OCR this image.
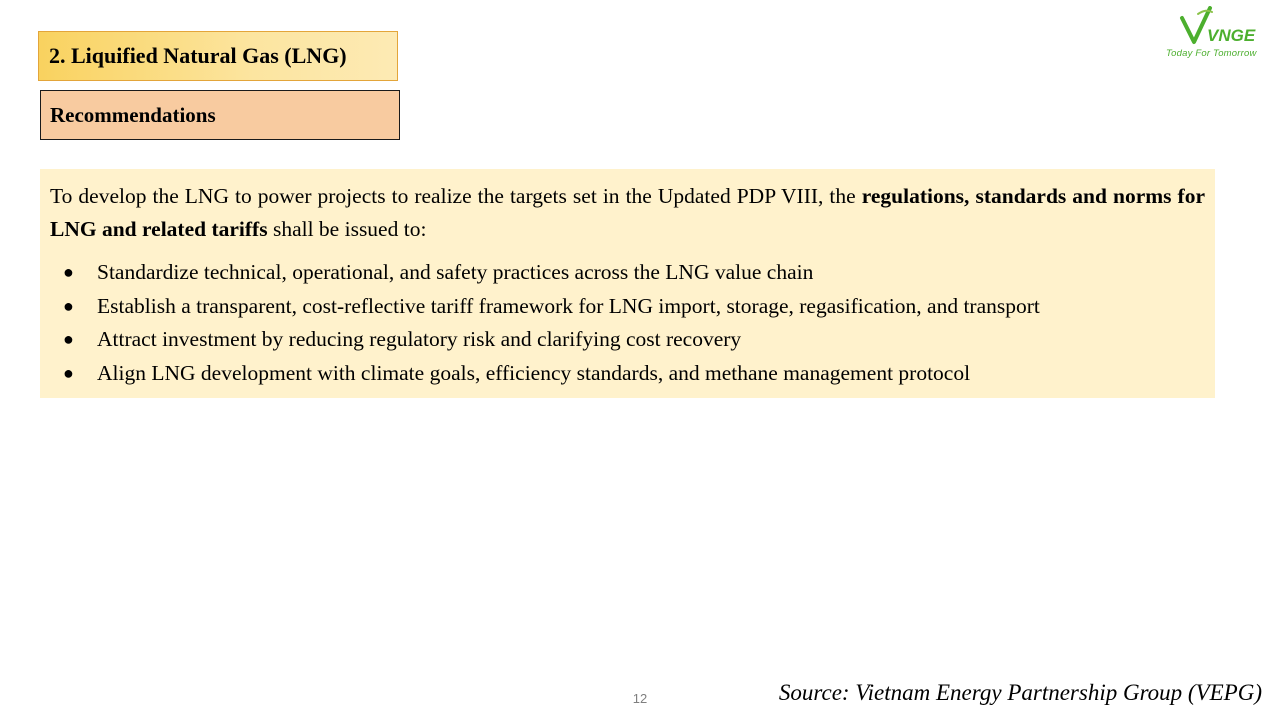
2. Liquified Natural Gas (LNG)
Recommendations
VNGE
Today For Tomorrow

To develop the LNG to power projects to realize the targets set in the Updated PDP VIII, the regulations, standards and norms for LNG and related tariffs shall be issued to:

● Standardize technical, operational, and safety practices across the LNG value chain
● Establish a transparent, cost-reflective tariff framework for LNG import, storage, regasification, and transport
● Attract investment by reducing regulatory risk and clarifying cost recovery
● Align LNG development with climate goals, efficiency standards, and methane management protocol
12	Source: Vietnam Energy Partnership Group (VEPG)
